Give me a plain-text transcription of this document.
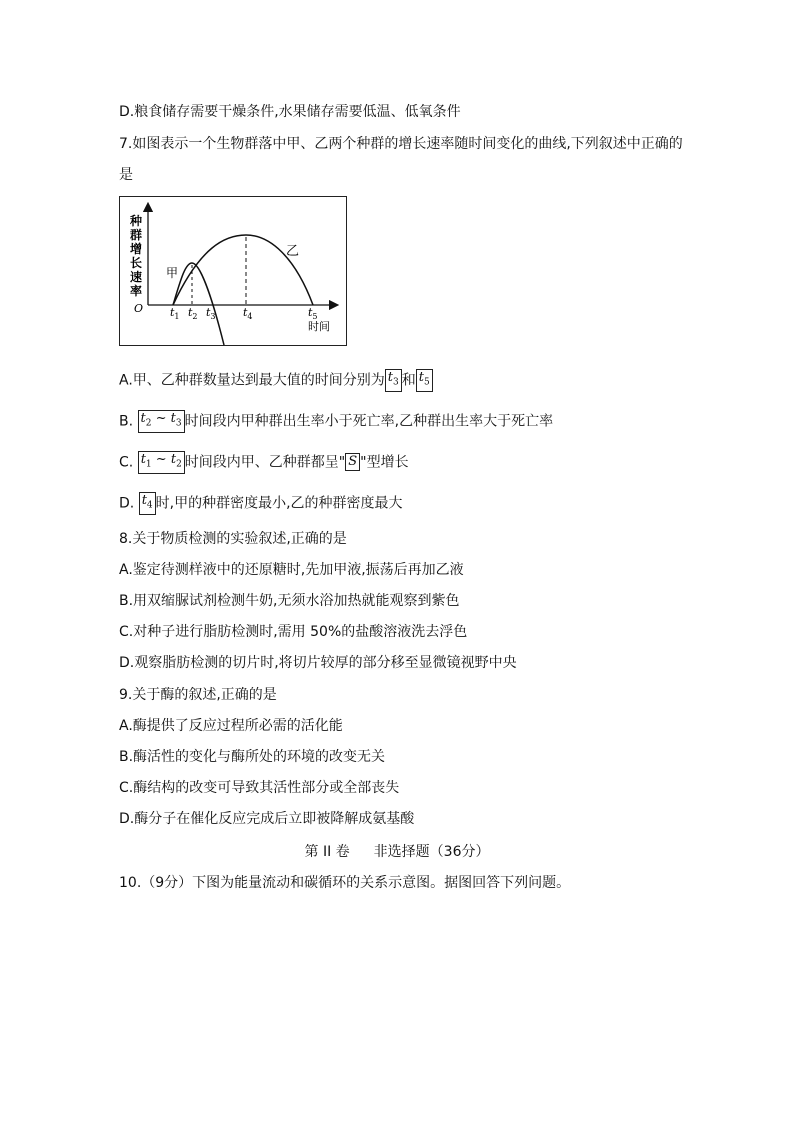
D.粮食储存需要干燥条件,水果储存需要低温、低氧条件
7.如图表示一个生物群落中甲、乙两个种群的增长速率随时间变化的曲线,下列叙述中正确的
是
种
群
增
长
速
率
O
甲
乙
$t_1$ $t_2$ $t_3$ $t_4$	$t_5$
时间
A.甲、乙种群数量达到最大值的时间分别为 $t_3$ 和 $t_5$
B. $t_2$ ~ $t_3$ 时间段内甲种群出生率小于死亡率,乙种群出生率大于死亡率
C. $t_1$ ~ $t_2$ 时间段内甲、乙种群都呈" S "型增长
D. $t_4$ 时,甲的种群密度最小,乙的种群密度最大
8.关于物质检测的实验叙述,正确的是
A.鉴定待测样液中的还原糖时,先加甲液,振荡后再加乙液
B.用双缩脲试剂检测牛奶,无须水浴加热就能观察到紫色
C.对种子进行脂肪检测时,需用 50%的盐酸溶液洗去浮色
D.观察脂肪检测的切片时,将切片较厚的部分移至显微镜视野中央
9.关于酶的叙述,正确的是
A.酶提供了反应过程所必需的活化能
B.酶活性的变化与酶所处的环境的改变无关
C.酶结构的改变可导致其活性部分或全部丧失
D.酶分子在催化反应完成后立即被降解成氨基酸
第 II 卷 非选择题（36分）
10.（9分）下图为能量流动和碳循环的关系示意图。据图回答下列问题。
